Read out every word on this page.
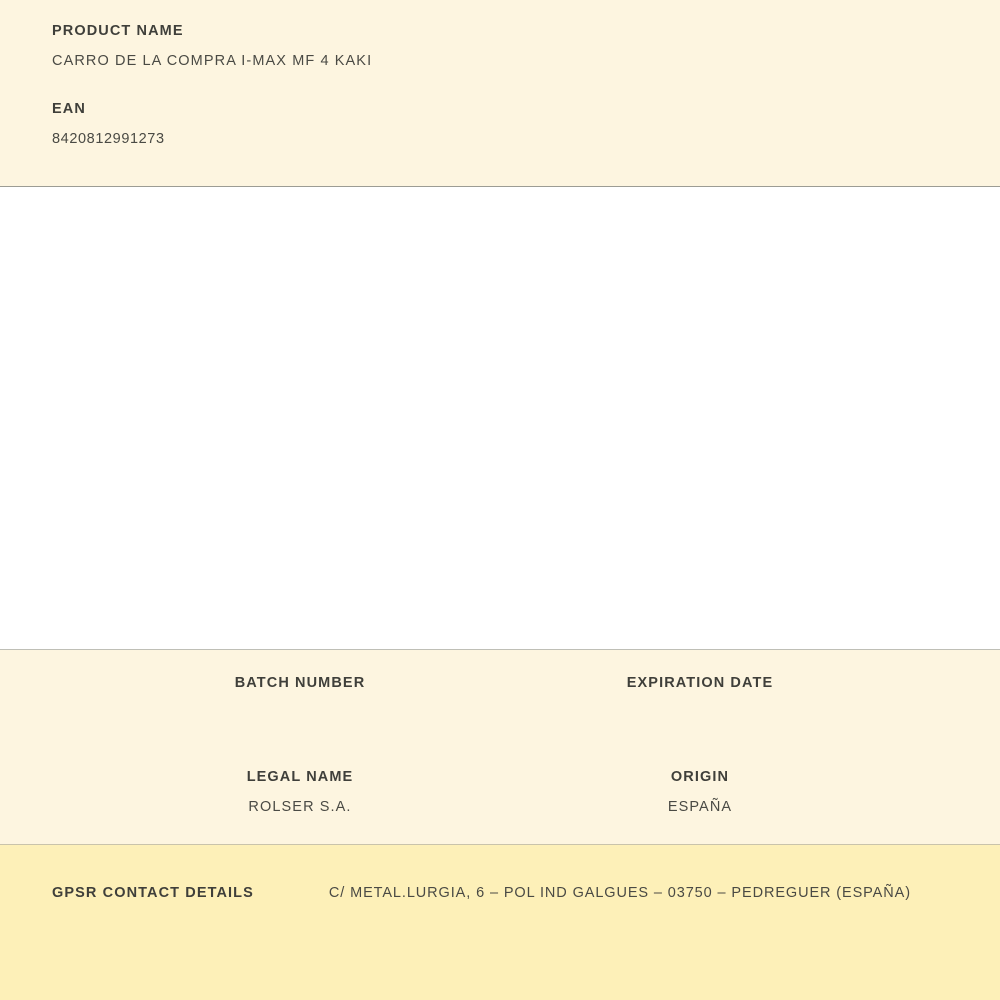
PRODUCT NAME
CARRO DE LA COMPRA I-MAX MF 4 KAKI
EAN
8420812991273
BATCH NUMBER	EXPIRATION DATE
LEGAL NAME
ROLSER S.A.
ORIGIN
ESPAÑA
GPSR CONTACT DETAILS	C/ METAL.LURGIA, 6 – POL IND GALGUES – 03750 – PEDREGUER (ESPAÑA)
